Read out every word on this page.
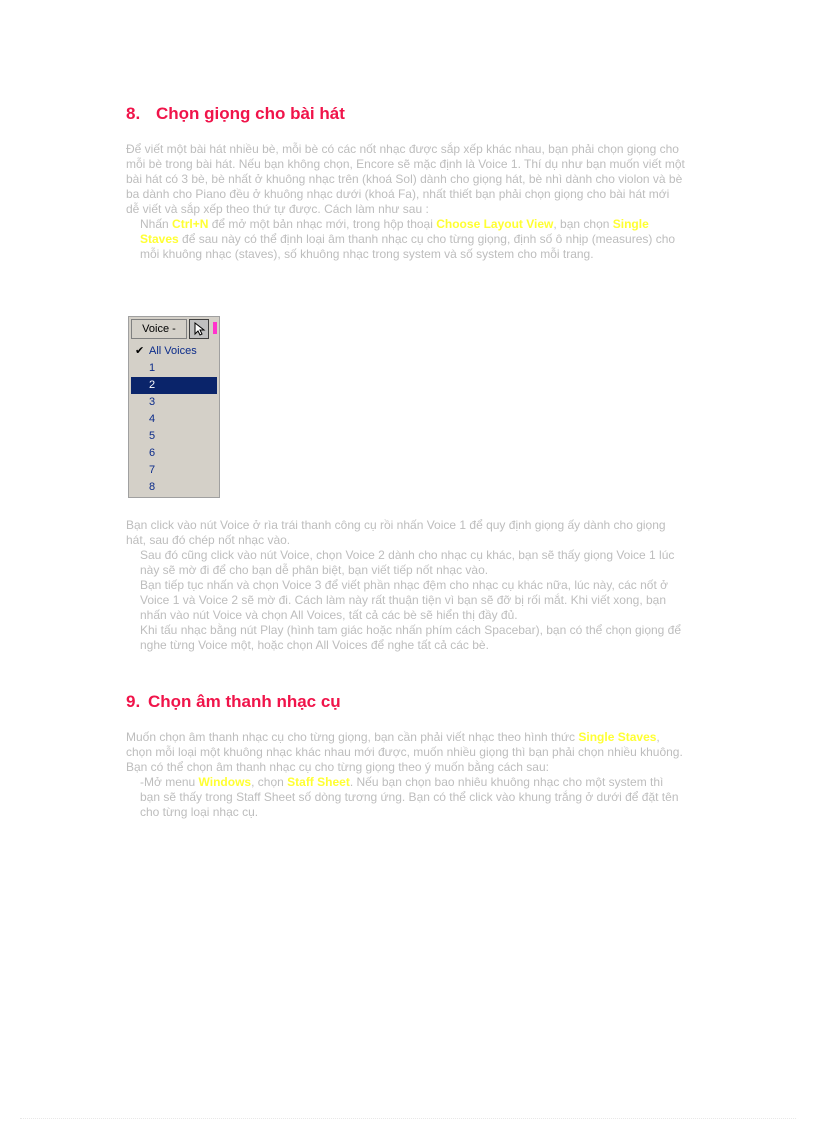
8. Chọn giọng cho bài hát

Để viết một bài hát nhiều bè, mỗi bè có các nốt nhạc được sắp xếp khác nhau, bạn phải chọn giọng cho mỗi bè trong bài hát. Nếu bạn không chọn, Encore sẽ mặc định là Voice 1. Thí dụ như bạn muốn viết một bài hát có 3 bè, bè nhất ở khuông nhạc trên (khoá Sol) dành cho giọng hát, bè nhì dành cho violon và bè ba dành cho Piano đều ở khuông nhạc dưới (khoá Fa), nhất thiết bạn phải chọn giọng cho bài hát mới dễ viết và sắp xếp theo thứ tự được. Cách làm như sau :

Nhấn Ctrl+N để mở một bản nhạc mới, trong hộp thoại Choose Layout View, bạn chọn Single Staves để sau này có thể định loại âm thanh nhạc cụ cho từng giọng, định số ô nhịp (measures) cho mỗi khuông nhạc (staves), số khuông nhạc trong system và số system cho mỗi trang.

Voice -
✔ All Voices
1
2
3
4
5
6
7
8

Bạn click vào nút Voice ở rìa trái thanh công cụ rồi nhấn Voice 1 để quy định giọng ấy dành cho giọng hát, sau đó chép nốt nhạc vào.

Sau đó cũng click vào nút Voice, chọn Voice 2 dành cho nhạc cụ khác, bạn sẽ thấy giọng Voice 1 lúc này sẽ mờ đi để cho bạn dễ phân biệt, bạn viết tiếp nốt nhạc vào.

Bạn tiếp tục nhấn và chọn Voice 3 để viết phần nhạc đệm cho nhạc cụ khác nữa, lúc này, các nốt ở Voice 1 và Voice 2 sẽ mờ đi. Cách làm này rất thuận tiện vì bạn sẽ đỡ bị rối mắt. Khi viết xong, bạn nhấn vào nút Voice và chọn All Voices, tất cả các bè sẽ hiển thị đầy đủ.

Khi tấu nhạc bằng nút Play (hình tam giác hoặc nhấn phím cách Spacebar), bạn có thể chọn giọng để nghe từng Voice một, hoặc chọn All Voices để nghe tất cả các bè.

9. Chọn âm thanh nhạc cụ

Muốn chọn âm thanh nhạc cụ cho từng giọng, bạn cần phải viết nhạc theo hình thức Single Staves, chọn mỗi loại một khuông nhạc khác nhau mới được, muốn nhiều giọng thì bạn phải chọn nhiều khuông. Bạn có thể chọn âm thanh nhạc cụ cho từng giọng theo ý muốn bằng cách sau:

-Mở menu Windows, chọn Staff Sheet. Nếu bạn chọn bao nhiêu khuông nhạc cho một system thì bạn sẽ thấy trong Staff Sheet số dòng tương ứng. Bạn có thể click vào khung trắng ở dưới để đặt tên cho từng loại nhạc cụ.
